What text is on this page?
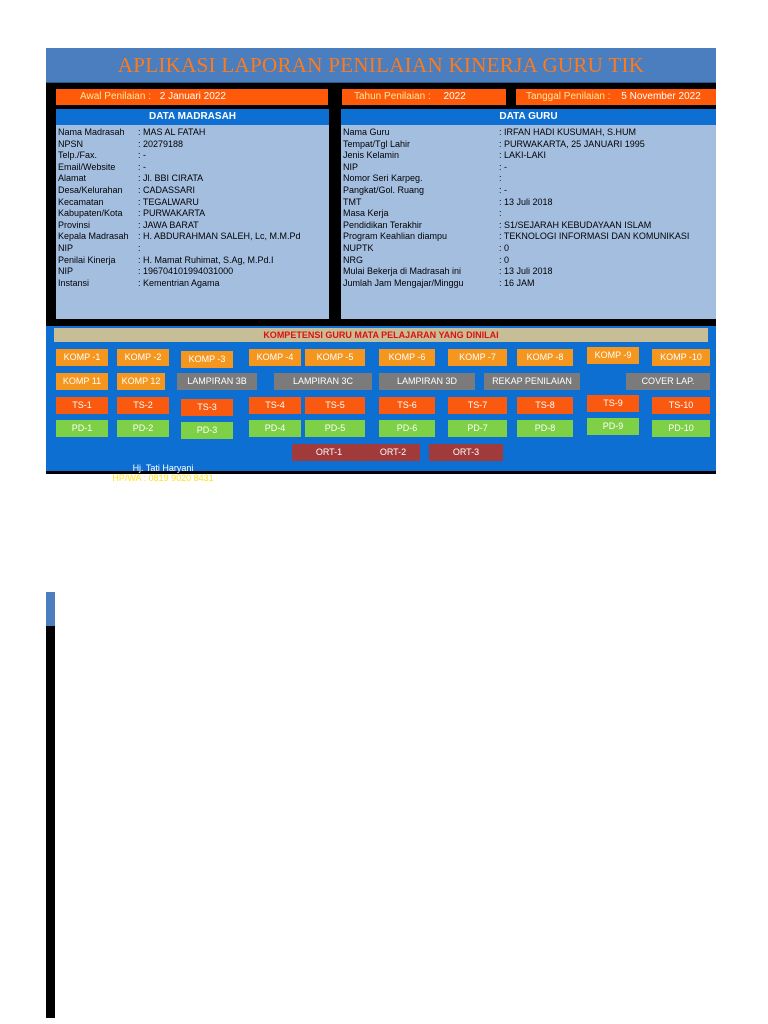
APLIKASI LAPORAN PENILAIAN KINERJA GURU TIK
Awal Penilaian : 2 Januari 2022	Tahun Penilaian : 2022	Tanggal Penilaian : 5 November 2022
DATA MADRASAH
Nama Madrasah : MAS AL FATAH
NPSN	: 20279188
Telp./Fax.	: -
Email/Website	: -
Alamat	: Jl. BBI CIRATA
Desa/Kelurahan : CADASSARI
Kecamatan	: TEGALWARU
Kabupaten/Kota : PURWAKARTA
Provinsi	: JAWA BARAT
Kepala Madrasah : H. ABDURAHMAN SALEH, Lc, M.M.Pd
NIP	:
Penilai Kinerja : H. Mamat Ruhimat, S.Ag, M.Pd.I
NIP	: 196704101994031000
Instansi	: Kementrian Agama
DATA GURU
Nama Guru	: IRFAN HADI KUSUMAH, S.HUM
Tempat/Tgl Lahir	: PURWAKARTA, 25 JANUARI 1995
Jenis Kelamin	: LAKI-LAKI
NIP	: -
Nomor Seri Karpeg.	:
Pangkat/Gol. Ruang	: -
TMT	: 13 Juli 2018
Masa Kerja	:
Pendidikan Terakhir	: S1/SEJARAH KEBUDAYAAN ISLAM
Program Keahlian diampu	: TEKNOLOGI INFORMASI DAN KOMUNIKASI
NUPTK	: 0
NRG	: 0
Mulai Bekerja di Madrasah ini	: 13 Juli 2018
Jumlah Jam Mengajar/Minggu	: 16 JAM
KOMPETENSI GURU MATA PELAJARAN YANG DINILAI
Hj. Tati Haryani
HP/WA : 0819 9020 8431
KOMP -1	KOMP -2	KOMP -3	KOMP -4	KOMP -5	KOMP -6	KOMP -7	KOMP -8	KOMP -9	KOMP -10
TS-1	TS-2	TS-3	TS-4	TS-5	TS-6	TS-7	TS-8	TS-9	TS-10
PD-1	PD-2	PD-3	PD-4	PD-5	PD-6	PD-7	PD-8	PD-9	PD-10
KOMP 11	KOMP 12	LAMPIRAN 3B	LAMPIRAN 3C	LAMPIRAN 3D	REKAP PENILAIAN	COVER LAP.
ORT-1	ORT-2	ORT-3
